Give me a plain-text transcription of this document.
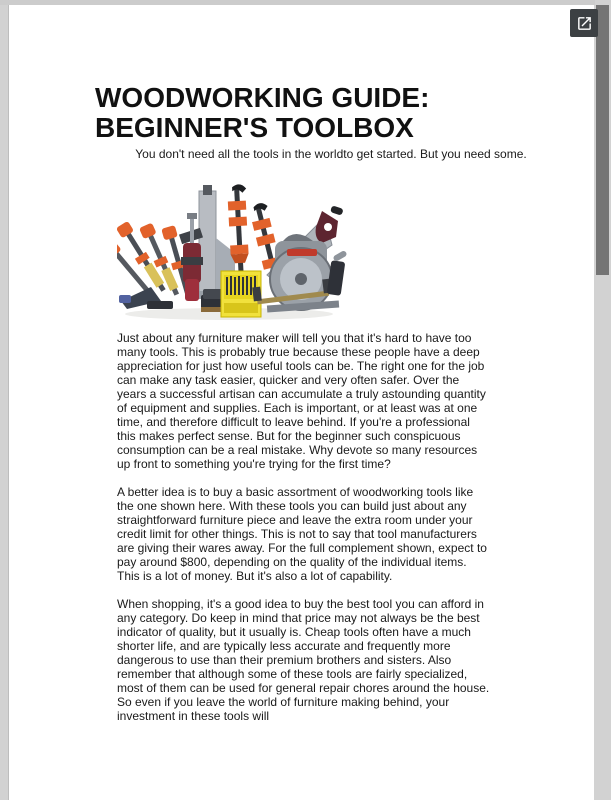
WOODWORKING GUIDE: BEGINNER'S TOOLBOX
You don't need all the tools in the worldto get started. But you need some.

Just about any furniture maker will tell you that it's hard to have too many tools. This is probably true because these people have a deep appreciation for just how useful tools can be. The right one for the job can make any task easier, quicker and very often safer. Over the years a successful artisan can accumulate a truly astounding quantity of equipment and supplies. Each is important, or at least was at one time, and therefore difficult to leave behind. If you're a professional this makes perfect sense. But for the beginner such conspicuous consumption can be a real mistake. Why devote so many resources up front to something you're trying for the first time?

A better idea is to buy a basic assortment of woodworking tools like the one shown here. With these tools you can build just about any straightforward furniture piece and leave the extra room under your credit limit for other things. This is not to say that tool manufacturers are giving their wares away. For the full complement shown, expect to pay around $800, depending on the quality of the individual items. This is a lot of money. But it's also a lot of capability.

When shopping, it's a good idea to buy the best tool you can afford in any category. Do keep in mind that price may not always be the best indicator of quality, but it usually is. Cheap tools often have a much shorter life, and are typically less accurate and frequently more dangerous to use than their premium brothers and sisters. Also remember that although some of these tools are fairly specialized, most of them can be used for general repair chores around the house. So even if you leave the world of furniture making behind, your investment in these tools will
